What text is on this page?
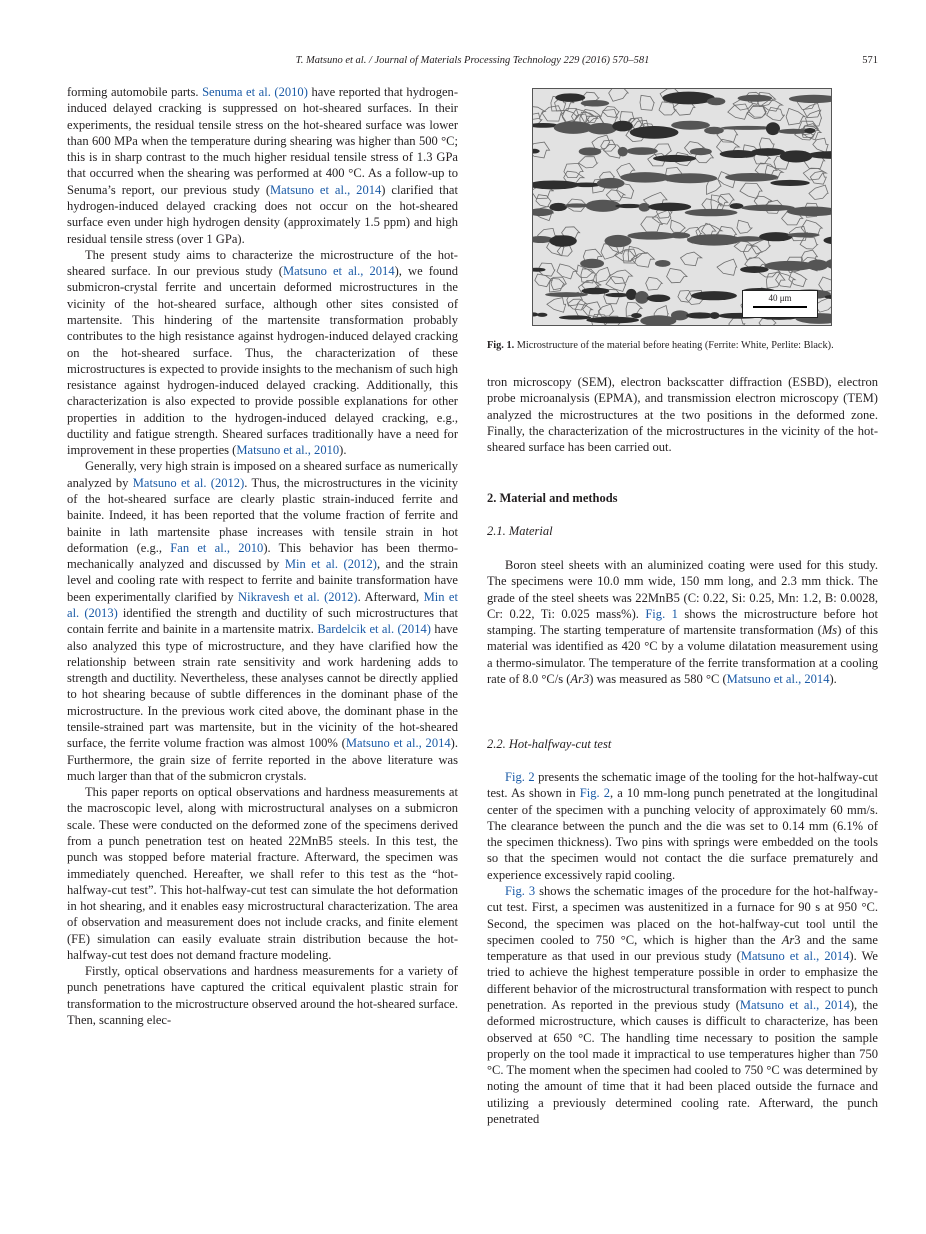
T. Matsuno et al. / Journal of Materials Processing Technology 229 (2016) 570–581	571

forming automobile parts. Senuma et al. (2010) have reported that hydrogen-induced delayed cracking is suppressed on hot-sheared surfaces. In their experiments, the residual tensile stress on the hot-sheared surface was lower than 600 MPa when the temperature during shearing was higher than 500 °C; this is in sharp contrast to the much higher residual tensile stress of 1.3 GPa that occurred when the shearing was performed at 400 °C. As a follow-up to Senuma’s report, our previous study (Matsuno et al., 2014) clarified that hydrogen-induced delayed cracking does not occur on the hot-sheared surface even under high hydrogen density (approximately 1.5 ppm) and high residual tensile stress (over 1 GPa).

The present study aims to characterize the microstructure of the hot-sheared surface. In our previous study (Matsuno et al., 2014), we found submicron-crystal ferrite and uncertain deformed microstructures in the vicinity of the hot-sheared surface, although other sites consisted of martensite. This hindering of the martensite transformation probably contributes to the high resistance against hydrogen-induced delayed cracking on the hot-sheared surface. Thus, the characterization of these microstructures is expected to provide insights to the mechanism of such high resistance against hydrogen-induced delayed cracking. Additionally, this characterization is also expected to provide possible explanations for other properties in addition to the hydrogen-induced delayed cracking, e.g., ductility and fatigue strength. Sheared surfaces traditionally have a need for improvement in these properties (Matsuno et al., 2010).

Generally, very high strain is imposed on a sheared surface as numerically analyzed by Matsuno et al. (2012). Thus, the microstructures in the vicinity of the hot-sheared surface are clearly plastic strain-induced ferrite and bainite. Indeed, it has been reported that the volume fraction of ferrite and bainite in lath martensite phase increases with tensile strain in hot deformation (e.g., Fan et al., 2010). This behavior has been thermo-mechanically analyzed and discussed by Min et al. (2012), and the strain level and cooling rate with respect to ferrite and bainite transformation have been experimentally clarified by Nikravesh et al. (2012). Afterward, Min et al. (2013) identified the strength and ductility of such microstructures that contain ferrite and bainite in a martensite matrix. Bardelcik et al. (2014) have also analyzed this type of microstructure, and they have clarified how the relationship between strain rate sensitivity and work hardening adds to strength and ductility. Nevertheless, these analyses cannot be directly applied to hot shearing because of subtle differences in the dominant phase of the microstructure. In the previous work cited above, the dominant phase in the tensile-strained part was martensite, but in the vicinity of the hot-sheared surface, the ferrite volume fraction was almost 100% (Matsuno et al., 2014). Furthermore, the grain size of ferrite reported in the above literature was much larger than that of the submicron crystals.

This paper reports on optical observations and hardness measurements at the macroscopic level, along with microstructural analyses on a submicron scale. These were conducted on the deformed zone of the specimens derived from a punch penetration test on heated 22MnB5 steels. In this test, the punch was stopped before material fracture. Afterward, the specimen was immediately quenched. Hereafter, we shall refer to this test as the “hot-halfway-cut test”. This hot-halfway-cut test can simulate the hot deformation in hot shearing, and it enables easy microstructural characterization. The area of observation and measurement does not include cracks, and finite element (FE) simulation can easily evaluate strain distribution because the hot-halfway-cut test does not demand fracture modeling.

Firstly, optical observations and hardness measurements for a variety of punch penetrations have captured the critical equivalent plastic strain for transformation to the microstructure observed around the hot-sheared surface. Then, scanning elec-

40 μm
Fig. 1. Microstructure of the material before heating (Ferrite: White, Perlite: Black).

tron microscopy (SEM), electron backscatter diffraction (ESBD), electron probe microanalysis (EPMA), and transmission electron microscopy (TEM) analyzed the microstructures at the two positions in the deformed zone. Finally, the characterization of the microstructures in the vicinity of the hot-sheared surface has been carried out.

2. Material and methods
2.1. Material

Boron steel sheets with an aluminized coating were used for this study. The specimens were 10.0 mm wide, 150 mm long, and 2.3 mm thick. The grade of the steel sheets was 22MnB5 (C: 0.22, Si: 0.25, Mn: 1.2, B: 0.0028, Cr: 0.22, Ti: 0.025 mass%). Fig. 1 shows the microstructure before hot stamping. The starting temperature of martensite transformation (Ms) of this material was identified as 420 °C by a volume dilatation measurement using a thermo-simulator. The temperature of the ferrite transformation at a cooling rate of 8.0 °C/s (Ar3) was measured as 580 °C (Matsuno et al., 2014).

2.2. Hot-halfway-cut test

Fig. 2 presents the schematic image of the tooling for the hot-halfway-cut test. As shown in Fig. 2, a 10 mm-long punch penetrated at the longitudinal center of the specimen with a punching velocity of approximately 60 mm/s. The clearance between the punch and the die was set to 0.14 mm (6.1% of the specimen thickness). Two pins with springs were embedded on the tools so that the specimen would not contact the die surface prematurely and experience excessively rapid cooling.

Fig. 3 shows the schematic images of the procedure for the hot-halfway-cut test. First, a specimen was austenitized in a furnace for 90 s at 950 °C. Second, the specimen was placed on the hot-halfway-cut tool until the specimen cooled to 750 °C, which is higher than the Ar3 and the same temperature as that used in our previous study (Matsuno et al., 2014). We tried to achieve the highest temperature possible in order to emphasize the different behavior of the microstructural transformation with respect to punch penetration. As reported in the previous study (Matsuno et al., 2014), the deformed microstructure, which causes is difficult to characterize, has been observed at 650 °C. The handling time necessary to position the sample properly on the tool made it impractical to use temperatures higher than 750 °C. The moment when the specimen had cooled to 750 °C was determined by noting the amount of time that it had been placed outside the furnace and utilizing a previously determined cooling rate. Afterward, the punch penetrated
